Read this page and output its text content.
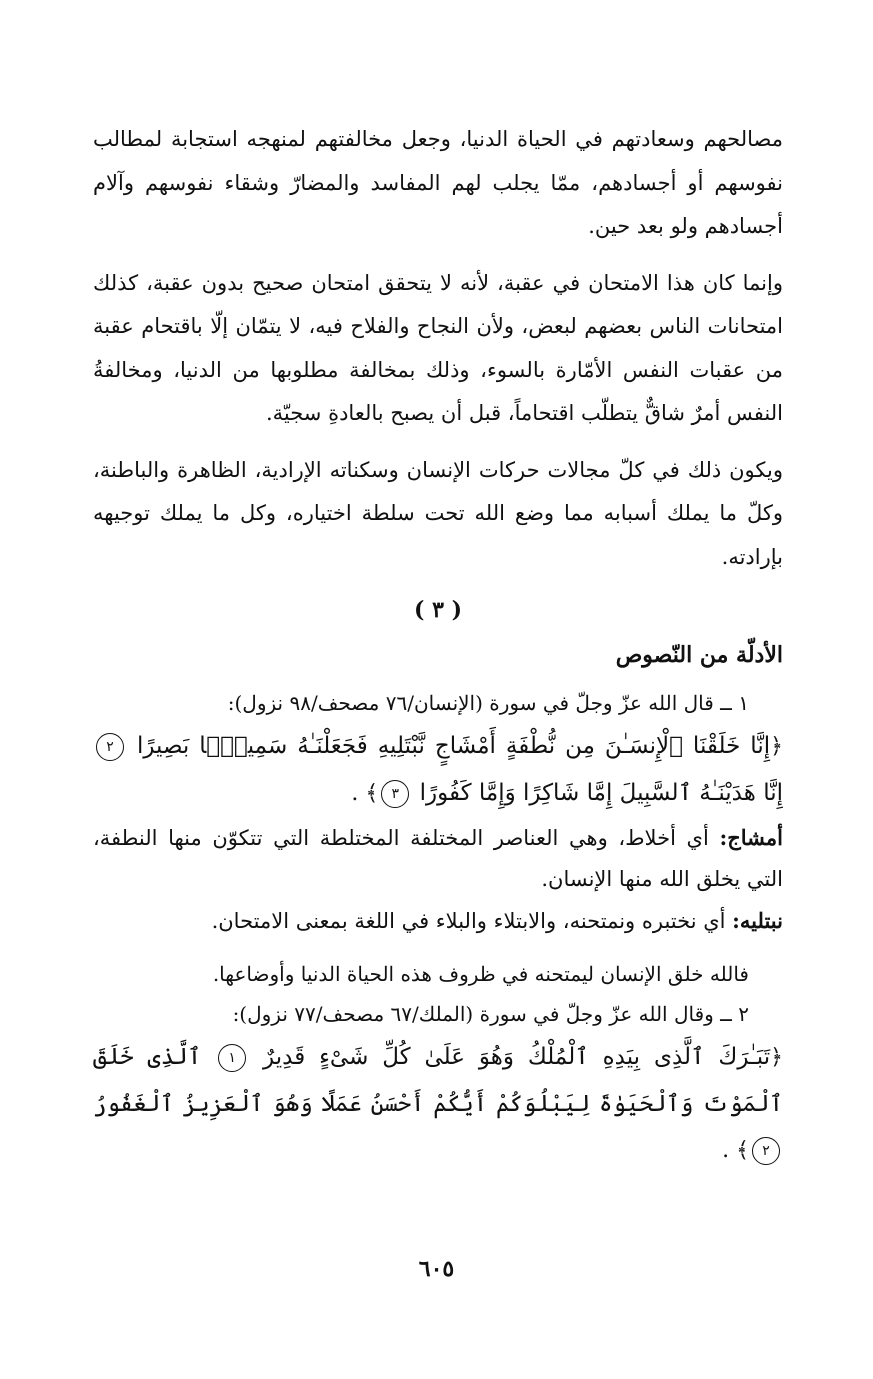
مصالحهم وسعادتهم في الحياة الدنيا، وجعل مخالفتهم لمنهجه استجابة لمطالب نفوسهم أو أجسادهم، ممّا يجلب لهم المفاسد والمضارّ وشقاء نفوسهم وآلام أجسادهم ولو بعد حين.

وإنما كان هذا الامتحان في عقبة، لأنه لا يتحقق امتحان صحيح بدون عقبة، كذلك امتحانات الناس بعضهم لبعض، ولأن النجاح والفلاح فيه، لا يتمّان إلّا باقتحام عقبة من عقبات النفس الأمّارة بالسوء، وذلك بمخالفة مطلوبها من الدنيا، ومخالفةُ النفس أمرٌ شاقٌّ يتطلّب اقتحاماً، قبل أن يصبح بالعادةِ سجيّة.

ويكون ذلك في كلّ مجالات حركات الإنسان وسكناته الإرادية، الظاهرة والباطنة، وكلّ ما يملك أسبابه مما وضع الله تحت سلطة اختياره، وكل ما يملك توجيهه بإرادته.

( ٣ )
الأدلّة من النّصوص

١ ــ قال الله عزّ وجلّ في سورة (الإنسان/٧٦ مصحف/٩٨ نزول):

﴿إِنَّا خَلَقْنَا ٱلْإِنسَـٰنَ مِن نُّطْفَةٍ أَمْشَاجٍ نَّبْتَلِيهِ فَجَعَلْنَـٰهُ سَمِيعًۢا بَصِيرًا ٢ إِنَّا هَدَيْنَـٰهُ ٱلسَّبِيلَ إِمَّا شَاكِرًا وَإِمَّا كَفُورًا ٣﴾ .

أمشاج: أي أخلاط، وهي العناصر المختلفة المختلطة التي تتكوّن منها النطفة، التي يخلق الله منها الإنسان.

نبتليه: أي نختبره ونمتحنه، والابتلاء والبلاء في اللغة بمعنى الامتحان.

فالله خلق الإنسان ليمتحنه في ظروف هذه الحياة الدنيا وأوضاعها.

٢ ــ وقال الله عزّ وجلّ في سورة (الملك/٦٧ مصحف/٧٧ نزول):

﴿تَبَـٰرَكَ ٱلَّذِى بِيَدِهِ ٱلْمُلْكُ وَهُوَ عَلَىٰ كُلِّ شَىْءٍ قَدِيرٌ ١ ٱلَّذِى خَلَقَ ٱلْمَوْتَ وَٱلْحَيَوٰةَ لِيَبْلُوَكُمْ أَيُّكُمْ أَحْسَنُ عَمَلًا وَهُوَ ٱلْعَزِيزُ ٱلْغَفُورُ ٢﴾ .

٦٠٥
